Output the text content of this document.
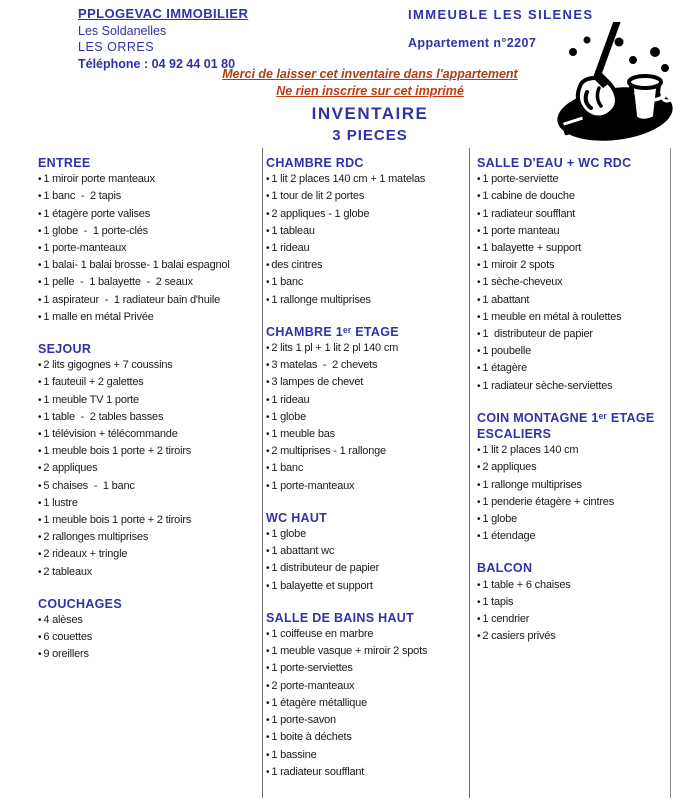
PPLOGEVAC IMMOBILIER
Les Soldanelles
LES ORRES
Téléphone : 04 92 44 01 80
IMMEUBLE LES SILENES
Appartement n°2207
Merci de laisser cet inventaire dans l'appartement
Ne rien inscrire sur cet imprimé
INVENTAIRE
3 PIECES
ENTREE
• 1 miroir porte manteaux
• 1 banc  -  2 tapis
• 1 étagère porte valises
• 1 globe  -  1 porte-clés
• 1 porte-manteaux
• 1 balai- 1 balai brosse- 1 balai espagnol
• 1 pelle  -  1 balayette  -  2 seaux
• 1 aspirateur  -  1 radiateur bain d'huile
• 1 malle en métal Privée
SEJOUR
• 2 lits gigognes + 7 coussins
• 1 fauteuil + 2 galettes
• 1 meuble TV 1 porte
• 1 table  -  2 tables basses
• 1 télévision + télécommande
• 1 meuble bois 1 porte + 2 tiroirs
• 2 appliques
• 5 chaises  -  1 banc
• 1 lustre
• 1 meuble bois 1 porte + 2 tiroirs
• 2 rallonges multiprises
• 2 rideaux + tringle
• 2 tableaux
COUCHAGES
• 4 alèses
• 6 couettes
• 9 oreillers
CHAMBRE RDC
• 1 lit 2 places 140 cm + 1 matelas
• 1 tour de lit 2 portes
• 2 appliques - 1 globe
• 1 tableau
• 1 rideau
• des cintres
• 1 banc
• 1 rallonge multiprises
CHAMBRE 1ᵉʳ ETAGE
• 2 lits 1 pl + 1 lit 2 pl 140 cm
• 3 matelas  -  2 chevets
• 3 lampes de chevet
• 1 rideau
• 1 globe
• 1 meuble bas
• 2 multiprises - 1 rallonge
• 1 banc
• 1 porte-manteaux
WC HAUT
• 1 globe
• 1 abattant wc
• 1 distributeur de papier
• 1 balayette et support
SALLE DE BAINS HAUT
• 1 coiffeuse en marbre
• 1 meuble vasque + miroir 2 spots
• 1 porte-serviettes
• 2 porte-manteaux
• 1 étagère métallique
• 1 porte-savon
• 1 boite à déchets
• 1 bassine
• 1 radiateur soufflant
SALLE D'EAU + WC RDC
• 1 porte-serviette
• 1 cabine de douche
• 1 radiateur soufflant
• 1 porte manteau
• 1 balayette + support
• 1 miroir 2 spots
• 1 sèche-cheveux
• 1 abattant
• 1 meuble en métal à roulettes
• 1  distributeur de papier
• 1 poubelle
• 1 étagère
• 1 radiateur sèche-serviettes
COIN MONTAGNE 1ᵉʳ ETAGE
ESCALIERS
• 1 lit 2 places 140 cm
• 2 appliques
• 1 rallonge multiprises
• 1 penderie étagère + cintres
• 1 globe
• 1 étendage
BALCON
• 1 table + 6 chaises
• 1 tapis
• 1 cendrier
• 2 casiers privés
